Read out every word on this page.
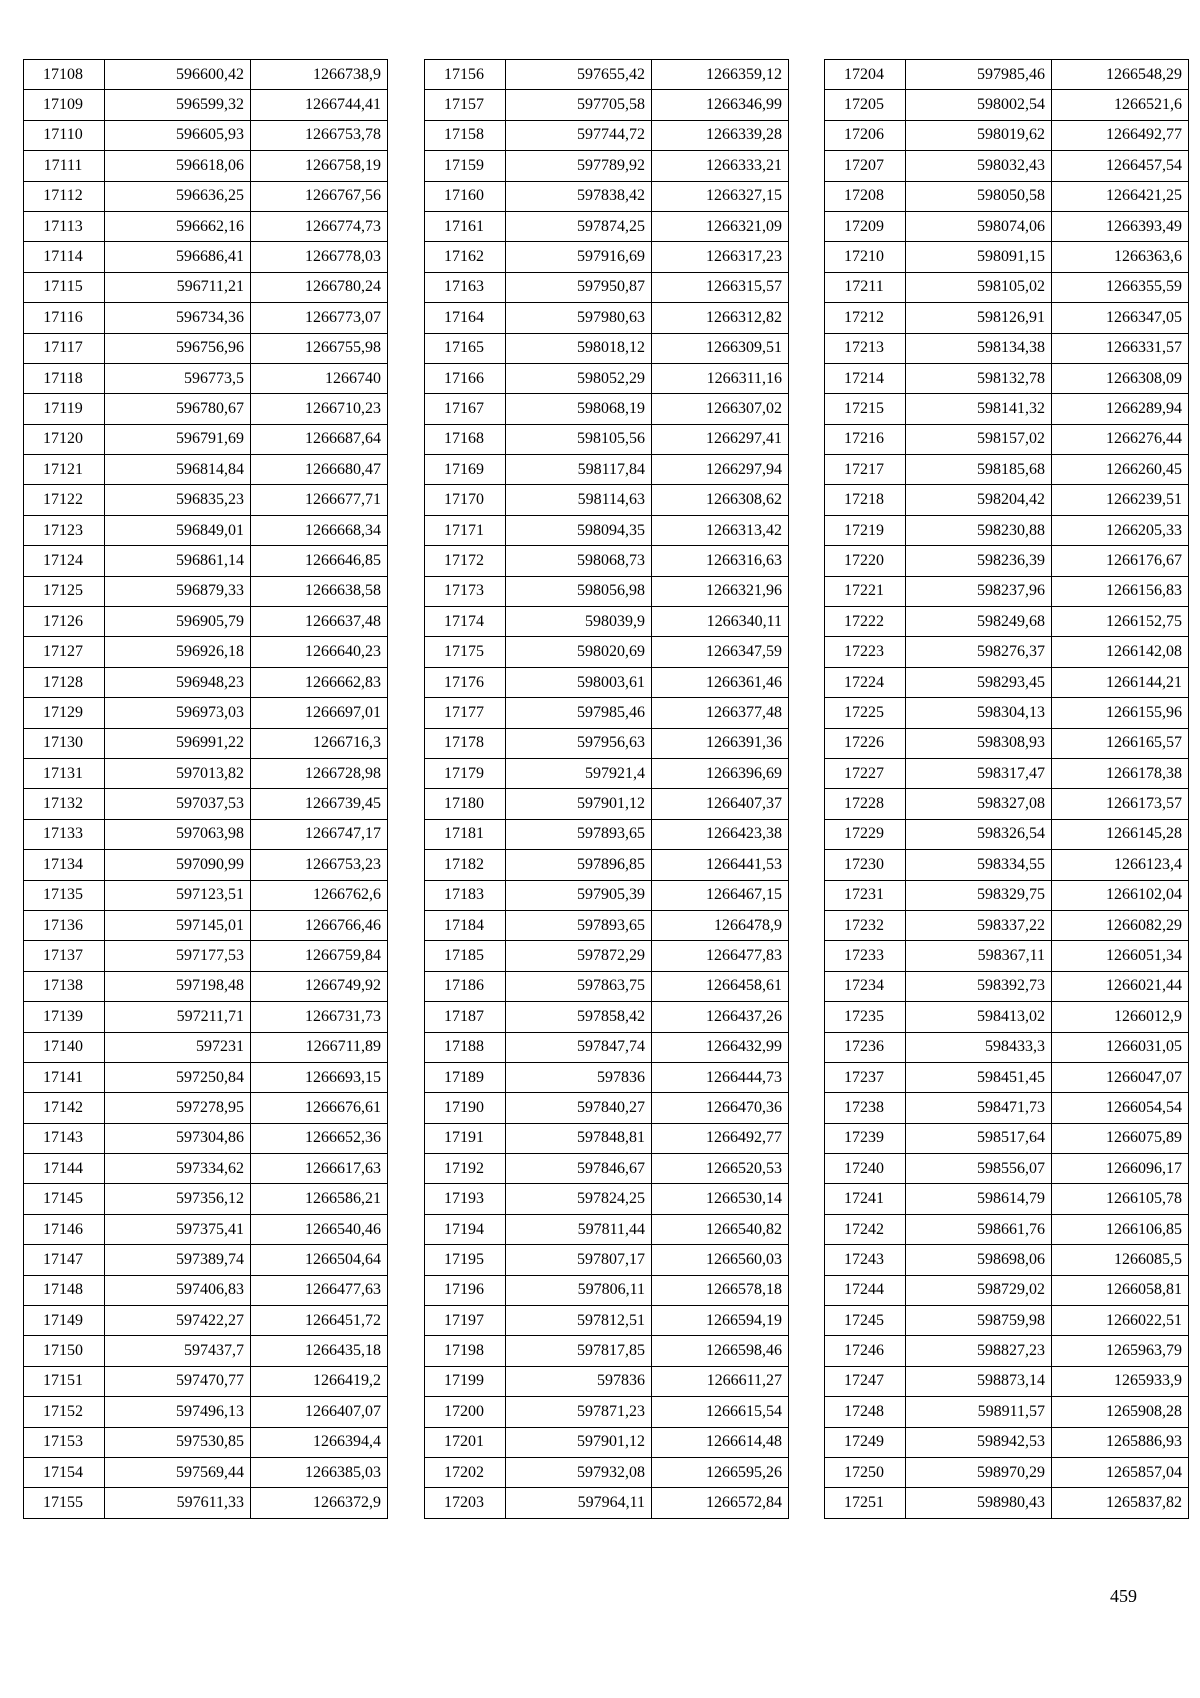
17108	596600,42	1266738,9
17109	596599,32	1266744,41
17110	596605,93	1266753,78
17111	596618,06	1266758,19
17112	596636,25	1266767,56
17113	596662,16	1266774,73
17114	596686,41	1266778,03
17115	596711,21	1266780,24
17116	596734,36	1266773,07
17117	596756,96	1266755,98
17118	596773,5	1266740
17119	596780,67	1266710,23
17120	596791,69	1266687,64
17121	596814,84	1266680,47
17122	596835,23	1266677,71
17123	596849,01	1266668,34
17124	596861,14	1266646,85
17125	596879,33	1266638,58
17126	596905,79	1266637,48
17127	596926,18	1266640,23
17128	596948,23	1266662,83
17129	596973,03	1266697,01
17130	596991,22	1266716,3
17131	597013,82	1266728,98
17132	597037,53	1266739,45
17133	597063,98	1266747,17
17134	597090,99	1266753,23
17135	597123,51	1266762,6
17136	597145,01	1266766,46
17137	597177,53	1266759,84
17138	597198,48	1266749,92
17139	597211,71	1266731,73
17140	597231	1266711,89
17141	597250,84	1266693,15
17142	597278,95	1266676,61
17143	597304,86	1266652,36
17144	597334,62	1266617,63
17145	597356,12	1266586,21
17146	597375,41	1266540,46
17147	597389,74	1266504,64
17148	597406,83	1266477,63
17149	597422,27	1266451,72
17150	597437,7	1266435,18
17151	597470,77	1266419,2
17152	597496,13	1266407,07
17153	597530,85	1266394,4
17154	597569,44	1266385,03
17155	597611,33	1266372,9
17156	597655,42	1266359,12
17157	597705,58	1266346,99
17158	597744,72	1266339,28
17159	597789,92	1266333,21
17160	597838,42	1266327,15
17161	597874,25	1266321,09
17162	597916,69	1266317,23
17163	597950,87	1266315,57
17164	597980,63	1266312,82
17165	598018,12	1266309,51
17166	598052,29	1266311,16
17167	598068,19	1266307,02
17168	598105,56	1266297,41
17169	598117,84	1266297,94
17170	598114,63	1266308,62
17171	598094,35	1266313,42
17172	598068,73	1266316,63
17173	598056,98	1266321,96
17174	598039,9	1266340,11
17175	598020,69	1266347,59
17176	598003,61	1266361,46
17177	597985,46	1266377,48
17178	597956,63	1266391,36
17179	597921,4	1266396,69
17180	597901,12	1266407,37
17181	597893,65	1266423,38
17182	597896,85	1266441,53
17183	597905,39	1266467,15
17184	597893,65	1266478,9
17185	597872,29	1266477,83
17186	597863,75	1266458,61
17187	597858,42	1266437,26
17188	597847,74	1266432,99
17189	597836	1266444,73
17190	597840,27	1266470,36
17191	597848,81	1266492,77
17192	597846,67	1266520,53
17193	597824,25	1266530,14
17194	597811,44	1266540,82
17195	597807,17	1266560,03
17196	597806,11	1266578,18
17197	597812,51	1266594,19
17198	597817,85	1266598,46
17199	597836	1266611,27
17200	597871,23	1266615,54
17201	597901,12	1266614,48
17202	597932,08	1266595,26
17203	597964,11	1266572,84
17204	597985,46	1266548,29
17205	598002,54	1266521,6
17206	598019,62	1266492,77
17207	598032,43	1266457,54
17208	598050,58	1266421,25
17209	598074,06	1266393,49
17210	598091,15	1266363,6
17211	598105,02	1266355,59
17212	598126,91	1266347,05
17213	598134,38	1266331,57
17214	598132,78	1266308,09
17215	598141,32	1266289,94
17216	598157,02	1266276,44
17217	598185,68	1266260,45
17218	598204,42	1266239,51
17219	598230,88	1266205,33
17220	598236,39	1266176,67
17221	598237,96	1266156,83
17222	598249,68	1266152,75
17223	598276,37	1266142,08
17224	598293,45	1266144,21
17225	598304,13	1266155,96
17226	598308,93	1266165,57
17227	598317,47	1266178,38
17228	598327,08	1266173,57
17229	598326,54	1266145,28
17230	598334,55	1266123,4
17231	598329,75	1266102,04
17232	598337,22	1266082,29
17233	598367,11	1266051,34
17234	598392,73	1266021,44
17235	598413,02	1266012,9
17236	598433,3	1266031,05
17237	598451,45	1266047,07
17238	598471,73	1266054,54
17239	598517,64	1266075,89
17240	598556,07	1266096,17
17241	598614,79	1266105,78
17242	598661,76	1266106,85
17243	598698,06	1266085,5
17244	598729,02	1266058,81
17245	598759,98	1266022,51
17246	598827,23	1265963,79
17247	598873,14	1265933,9
17248	598911,57	1265908,28
17249	598942,53	1265886,93
17250	598970,29	1265857,04
17251	598980,43	1265837,82
459
